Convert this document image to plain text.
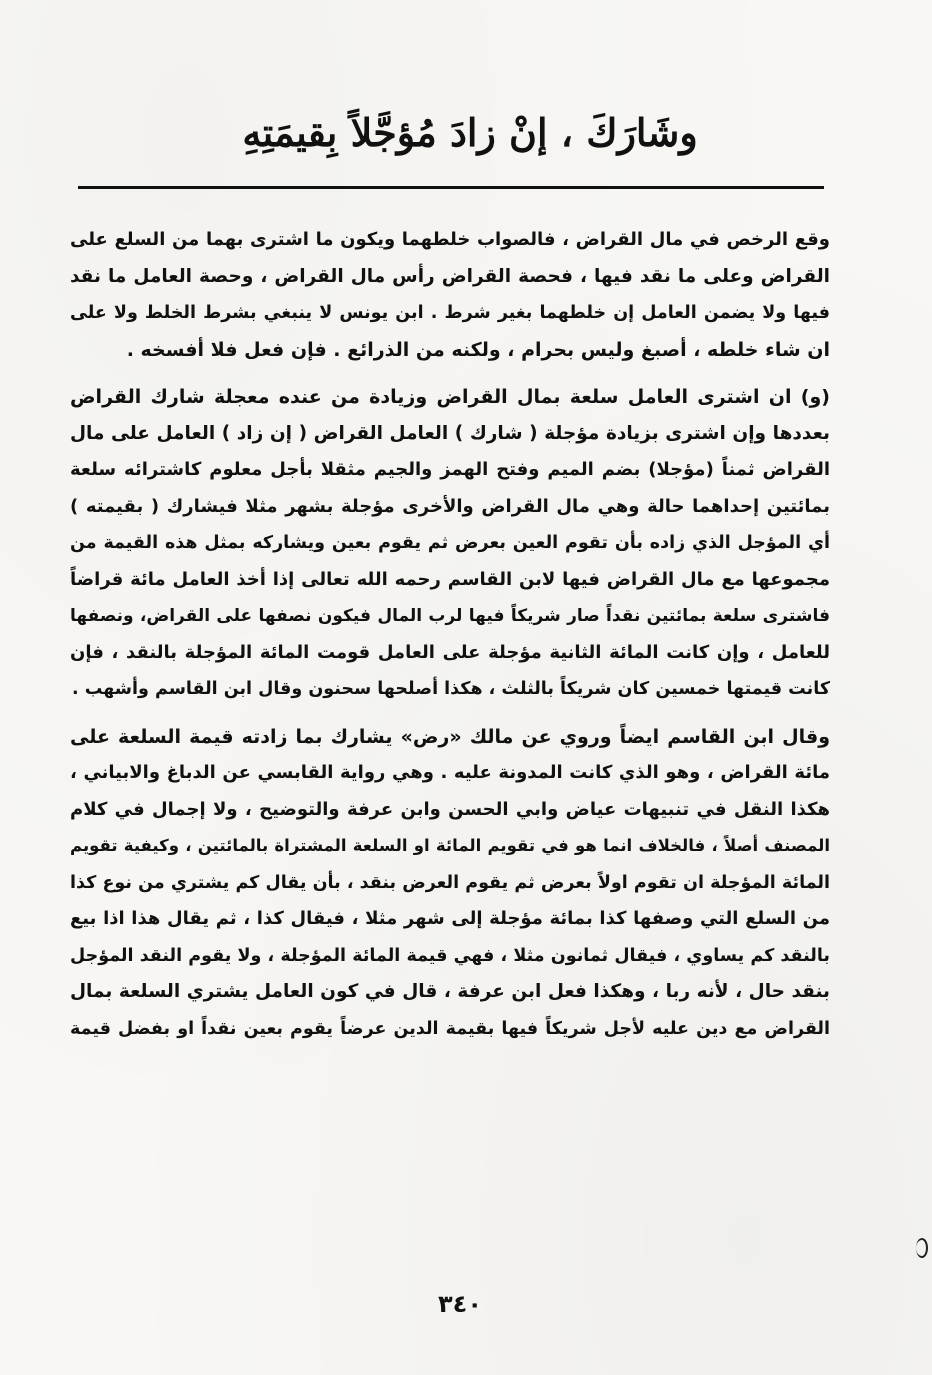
وشَارَكَ ، إنْ زادَ مُؤجَّلاً بِقيمَتِهِ
وقع الرخص في مال القراض ، فالصواب خلطهما ويكون ما اشترى بهما من السلع على
القراض وعلى ما نقد فيها ، فحصة القراض رأس مال القراض ، وحصة العامل ما نقد
فيها ولا يضمن العامل إن خلطهما بغير شرط . ابن يونس لا ينبغي بشرط الخلط ولا على
ان شاء خلطه ، أصبغ وليس بحرام ، ولكنه من الذرائع . فإن فعل فلا أفسخه .
(و) ان اشترى العامل سلعة بمال القراض وزيادة من عنده معجلة شارك القراض
بعددها وإن اشترى بزيادة مؤجلة ( شارك ) العامل القراض ( إن زاد ) العامل على مال
القراض ثمناً (مؤجلا) بضم الميم وفتح الهمز والجيم مثقلا بأجل معلوم كاشترائه سلعة
بمائتين إحداهما حالة وهي مال القراض والأخرى مؤجلة بشهر مثلا فيشارك ( بقيمته )
أي المؤجل الذي زاده بأن تقوم العين بعرض ثم يقوم بعين ويشاركه بمثل هذه القيمة من
مجموعها مع مال القراض فيها لابن القاسم رحمه الله تعالى إذا أخذ العامل مائة قراضاً
فاشترى سلعة بمائتين نقداً صار شريكاً فيها لرب المال فيكون نصفها على القراض، ونصفها
للعامل ، وإن كانت المائة الثانية مؤجلة على العامل قومت المائة المؤجلة بالنقد ، فإن
كانت قيمتها خمسين كان شريكاً بالثلث ، هكذا أصلحها سحنون وقال ابن القاسم وأشهب .
وقال ابن القاسم ايضاً وروي عن مالك «رض» يشارك بما زادته قيمة السلعة على
مائة القراض ، وهو الذي كانت المدونة عليه . وهي رواية القابسي عن الدباغ والابياني ،
هكذا النقل في تنبيهات عياض وابي الحسن وابن عرفة والتوضيح ، ولا إجمال في كلام
المصنف أصلاً ، فالخلاف انما هو في تقويم المائة او السلعة المشتراة بالمائتين ، وكيفية تقويم
المائة المؤجلة ان تقوم اولاً بعرض ثم يقوم العرض بنقد ، بأن يقال كم يشتري من نوع كذا
من السلع التي وصفها كذا بمائة مؤجلة إلى شهر مثلا ، فيقال كذا ، ثم يقال هذا اذا بيع
بالنقد كم يساوي ، فيقال ثمانون مثلا ، فهي قيمة المائة المؤجلة ، ولا يقوم النقد المؤجل
بنقد حال ، لأنه ربا ، وهكذا فعل ابن عرفة ، قال في كون العامل يشتري السلعة بمال
القراض مع دين عليه لأجل شريكاً فيها بقيمة الدين عرضاً يقوم بعين نقداً او بفضل قيمة
٣٤٠
